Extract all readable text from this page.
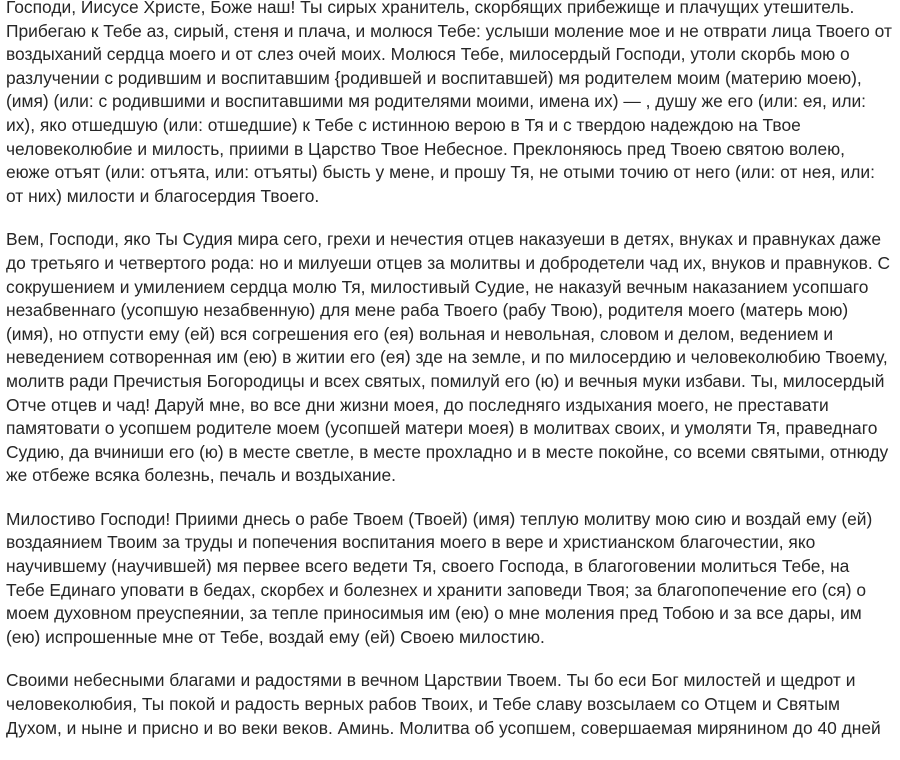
Господи, Иисусе Христе, Боже наш! Ты сирых хранитель, скорбящих прибежище и плачущих утешитель. Прибегаю к Тебе аз, сирый, стеня и плача, и молюся Тебе: услыши моление мое и не отврати лица Твоего от воздыханий сердца моего и от слез очей моих. Молюся Тебе, милосердый Господи, утоли скорбь мою о разлучении с родившим и воспитавшим {родившей и воспитавшей) мя родителем моим (материю моею), (имя) (или: с родившими и воспитавшими мя родителями моими, имена их) — , душу же его (или: ея, или: их), яко отшедшую (или: отшедшие) к Тебе с истинною верою в Тя и с твердою надеждою на Твое человеколюбие и милость, приими в Царство Твое Небесное. Преклоняюсь пред Твоею святою волею, еюже отъят (или: отъята, или: отъяты) бысть у мене, и прошу Тя, не отыми точию от него (или: от нея, или: от них) милости и благосердия Твоего.

Вем, Господи, яко Ты Судия мира сего, грехи и нечестия отцев наказуеши в детях, внуках и правнуках даже до третьяго и четвертого рода: но и милуеши отцев за молитвы и добродетели чад их, внуков и правнуков. С сокрушением и умилением сердца молю Тя, милостивый Судие, не наказуй вечным наказанием усопшаго незабвеннаго (усопшую незабвенную) для мене раба Твоего (рабу Твою), родителя моего (матерь мою) (имя), но отпусти ему (ей) вся согрешения его (ея) вольная и невольная, словом и делом, ведением и неведением сотворенная им (ею) в житии его (ея) зде на земле, и по милосердию и человеколюбию Твоему, молитв ради Пречистыя Богородицы и всех святых, помилуй его (ю) и вечныя муки избави. Ты, милосердый Отче отцев и чад! Даруй мне, во все дни жизни моея, до последняго издыхания моего, не преставати памятовати о усопшем родителе моем (усопшей матери моея) в молитвах своих, и умоляти Тя, праведнаго Судию, да вчиниши его (ю) в месте светле, в месте прохладно и в месте покойне, со всеми святыми, отнюду же отбеже всяка болезнь, печаль и воздыхание.

Милостиво Господи! Приими днесь о рабе Твоем (Твоей) (имя) теплую молитву мою сию и воздай ему (ей) воздаянием Твоим за труды и попечения воспитания моего в вере и христианском благочестии, яко научившему (научившей) мя первее всего ведети Тя, своего Господа, в благоговении молиться Тебе, на Тебе Единаго уповати в бедах, скорбех и болезнех и хранити заповеди Твоя; за благопопечение его (ся) о моем духовном преуспеянии, за тепле приносимыя им (ею) о мне моления пред Тобою и за все дары, им (ею) испрошенные мне от Тебе, воздай ему (ей) Своею милостию.

Своими небесными благами и радостями в вечном Царствии Твоем. Ты бо еси Бог милостей и щедрот и человеколюбия, Ты покой и радость верных рабов Твоих, и Тебе славу возсылаем со Отцем и Святым Духом, и ныне и присно и во веки веков. Аминь. Молитва об усопшем, совершаемая мирянином до 40 дней
